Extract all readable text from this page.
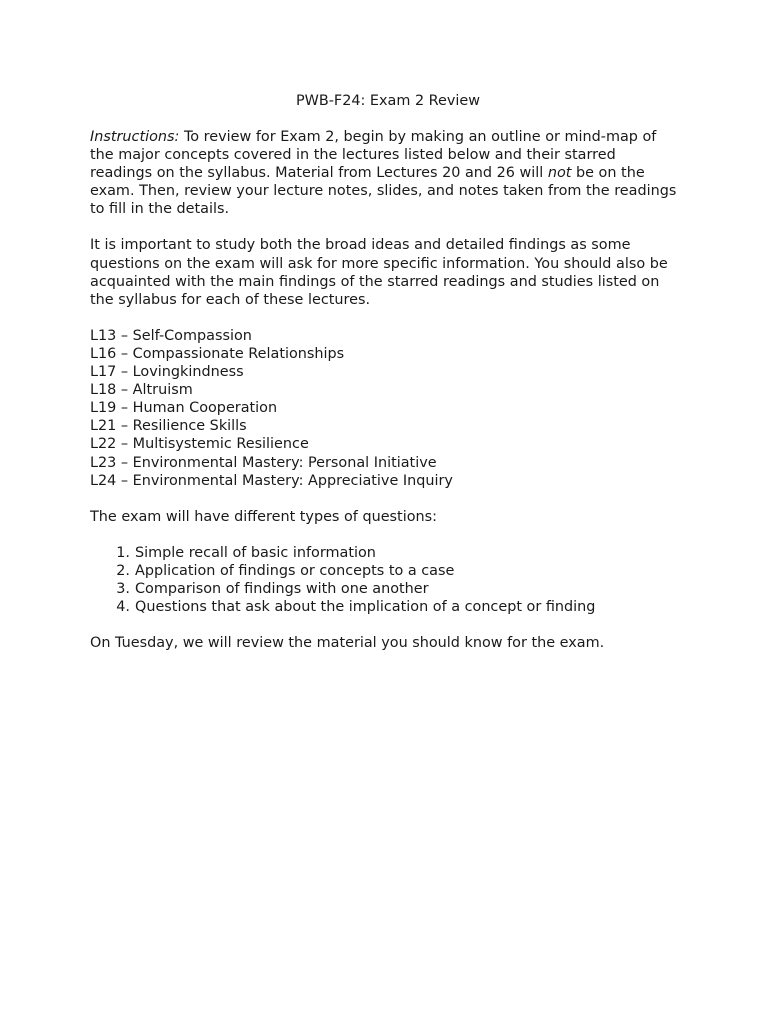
PWB-F24: Exam 2 Review

Instructions: To review for Exam 2, begin by making an outline or mind-map of the major concepts covered in the lectures listed below and their starred readings on the syllabus. Material from Lectures 20 and 26 will not be on the exam. Then, review your lecture notes, slides, and notes taken from the readings to fill in the details.

It is important to study both the broad ideas and detailed findings as some questions on the exam will ask for more specific information. You should also be acquainted with the main findings of the starred readings and studies listed on the syllabus for each of these lectures.

L13 – Self-Compassion
L16 – Compassionate Relationships
L17 – Lovingkindness
L18 – Altruism
L19 – Human Cooperation
L21 – Resilience Skills
L22 – Multisystemic Resilience
L23 – Environmental Mastery: Personal Initiative
L24 – Environmental Mastery: Appreciative Inquiry

The exam will have different types of questions:

1. Simple recall of basic information
2. Application of findings or concepts to a case
3. Comparison of findings with one another
4. Questions that ask about the implication of a concept or finding

On Tuesday, we will review the material you should know for the exam.
